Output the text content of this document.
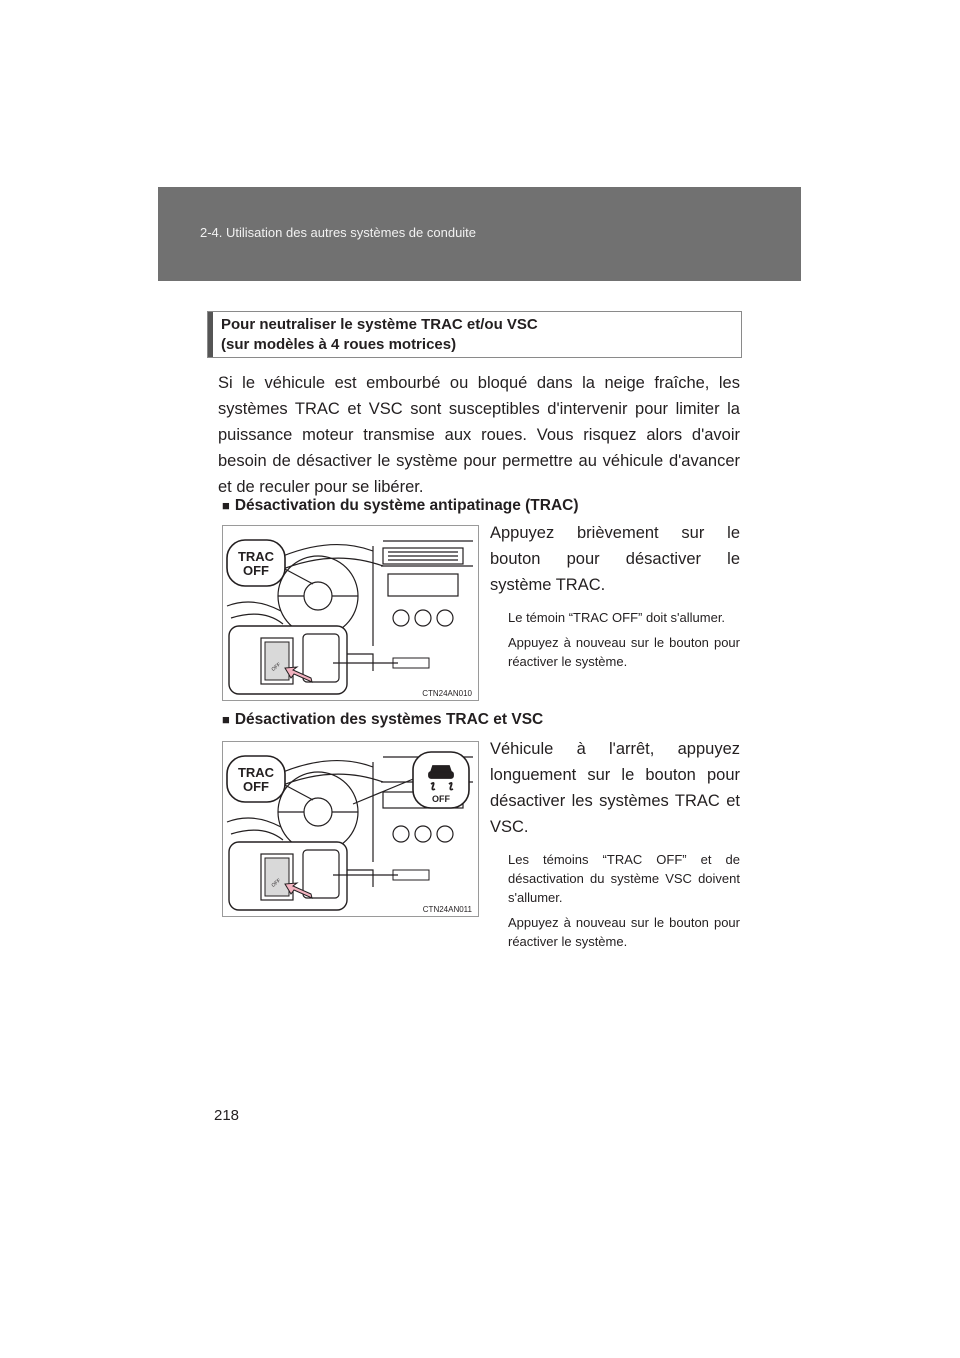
2-4. Utilisation des autres systèmes de conduite
Pour neutraliser le système TRAC et/ou VSC
(sur modèles à 4 roues motrices)

Si le véhicule est embourbé ou bloqué dans la neige fraîche, les systèmes TRAC et VSC sont susceptibles d'intervenir pour limiter la puissance moteur transmise aux roues. Vous risquez alors d'avoir besoin de désactiver le système pour permettre au véhicule d'avancer et de reculer pour se libérer.

■ Désactivation du système antipatinage (TRAC)
OFF
TRAC
OFF
CTN24AN010

Appuyez brièvement sur le bouton pour désactiver le système TRAC.

Le témoin “TRAC OFF” doit s'allumer.

Appuyez à nouveau sur le bouton pour réactiver le système.

■ Désactivation des systèmes TRAC et VSC
OFF
TRAC
OFF
OFF
CTN24AN011

Véhicule à l'arrêt, appuyez longuement sur le bouton pour désactiver les systèmes TRAC et VSC.

Les témoins “TRAC OFF” et de désactivation du système VSC doivent s'allumer.

Appuyez à nouveau sur le bouton pour réactiver le système.

218
